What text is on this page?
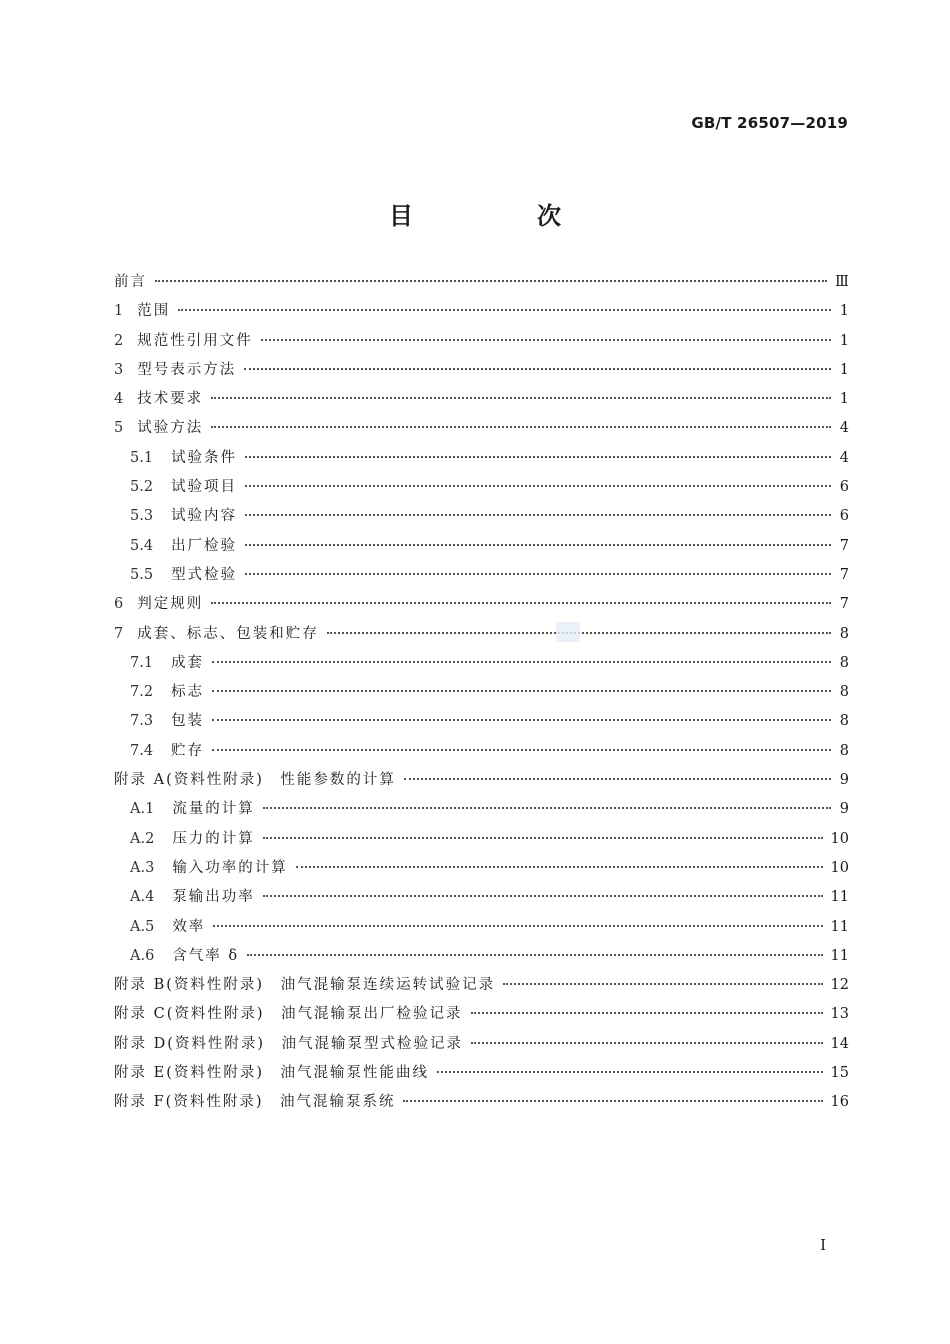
GB/T 26507—2019
目　次
前言	Ⅲ
1 范围	1
2 规范性引用文件	1
3 型号表示方法	1
4 技术要求	1
5 试验方法	4
5.1 试验条件	4
5.2 试验项目	6
5.3 试验内容	6
5.4 出厂检验	7
5.5 型式检验	7
6 判定规则	7
7 成套、标志、包装和贮存	8
7.1 成套	8
7.2 标志	8
7.3 包装	8
7.4 贮存	8
附录 A(资料性附录)　性能参数的计算	9
A.1 流量的计算	9
A.2 压力的计算	10
A.3 输入功率的计算	10
A.4 泵输出功率	11
A.5 效率	11
A.6 含气率 δ	11
附录 B(资料性附录)　油气混输泵连续运转试验记录	12
附录 C(资料性附录)　油气混输泵出厂检验记录	13
附录 D(资料性附录)　油气混输泵型式检验记录	14
附录 E(资料性附录)　油气混输泵性能曲线	15
附录 F(资料性附录)　油气混输泵系统	16
I
